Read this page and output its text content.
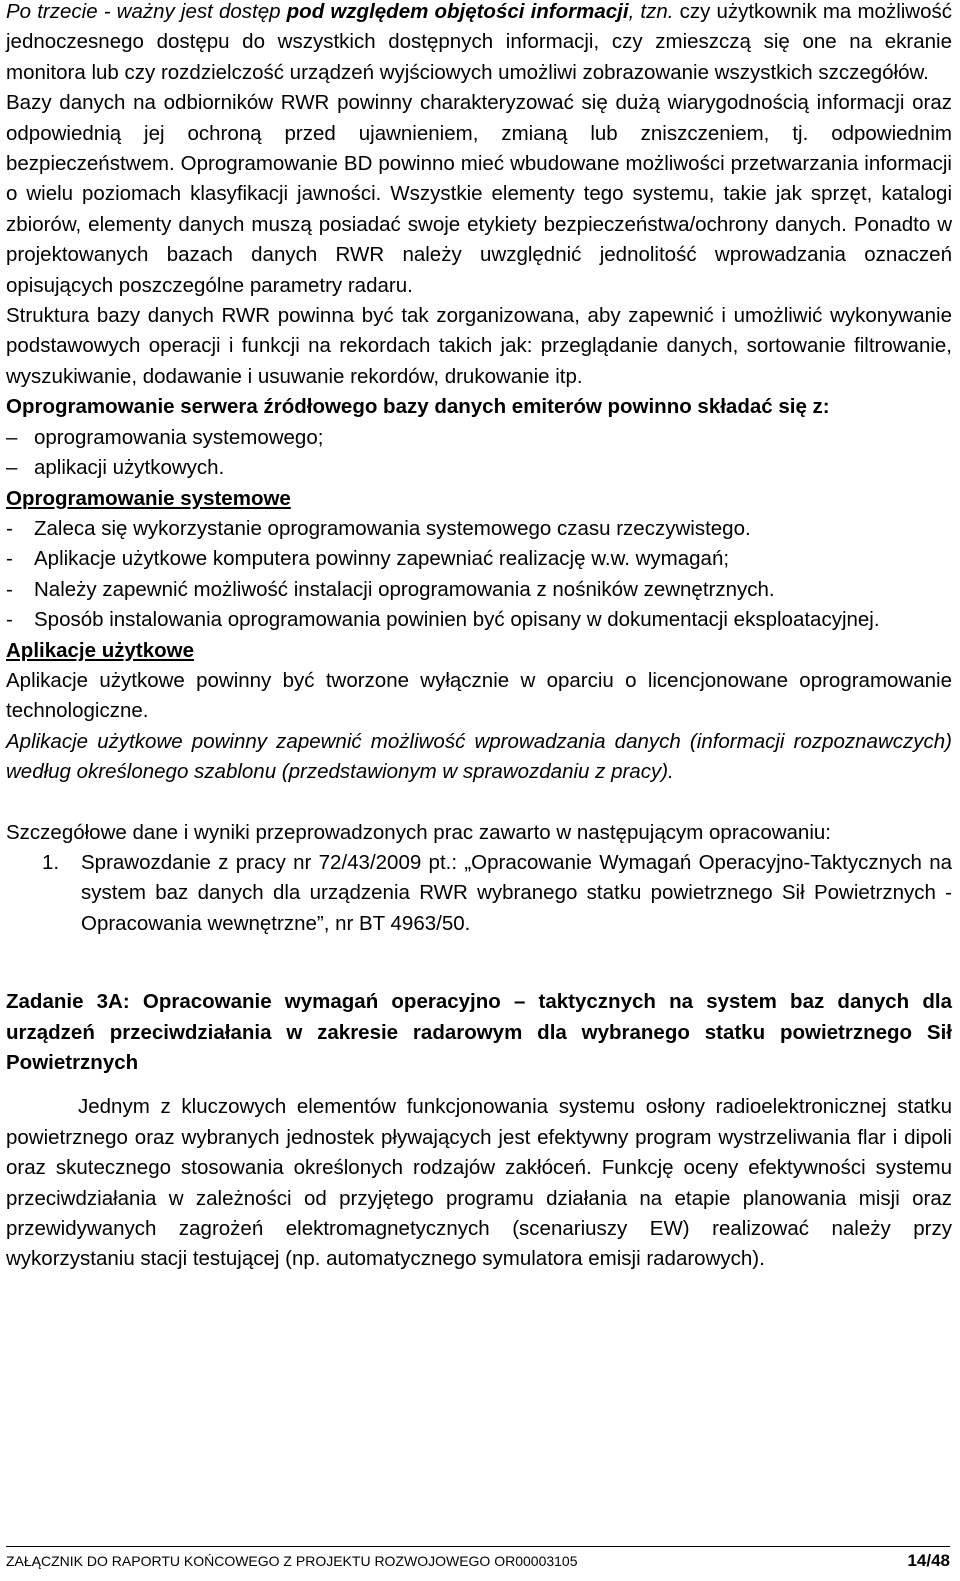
Po trzecie - ważny jest dostęp pod względem objętości informacji, tzn. czy użytkownik ma możliwość jednoczesnego dostępu do wszystkich dostępnych informacji, czy zmieszczą się one na ekranie monitora lub czy rozdzielczość urządzeń wyjściowych umożliwi zobrazowanie wszystkich szczegółów.

Bazy danych na odbiorników RWR powinny charakteryzować się dużą wiarygodnością informacji oraz odpowiednią jej ochroną przed ujawnieniem, zmianą lub zniszczeniem, tj. odpowiednim bezpieczeństwem. Oprogramowanie BD powinno mieć wbudowane możliwości przetwarzania informacji o wielu poziomach klasyfikacji jawności. Wszystkie elementy tego systemu, takie jak sprzęt, katalogi zbiorów, elementy danych muszą posiadać swoje etykiety bezpieczeństwa/ochrony danych. Ponadto w projektowanych bazach danych RWR należy uwzględnić jednolitość wprowadzania oznaczeń opisujących poszczególne parametry radaru.

Struktura bazy danych RWR powinna być tak zorganizowana, aby zapewnić i umożliwić wykonywanie podstawowych operacji i funkcji na rekordach takich jak: przeglądanie danych, sortowanie filtrowanie, wyszukiwanie, dodawanie i usuwanie rekordów, drukowanie itp.

Oprogramowanie serwera źródłowego bazy danych emiterów powinno składać się z:

– oprogramowania systemowego;
– aplikacji użytkowych.

Oprogramowanie systemowe

- Zaleca się wykorzystanie oprogramowania systemowego czasu rzeczywistego.
- Aplikacje użytkowe komputera powinny zapewniać realizację w.w. wymagań;
- Należy zapewnić możliwość instalacji oprogramowania z nośników zewnętrznych.
- Sposób instalowania oprogramowania powinien być opisany w dokumentacji eksploatacyjnej.

Aplikacje użytkowe

Aplikacje użytkowe powinny być tworzone wyłącznie w oparciu o licencjonowane oprogramowanie technologiczne.

Aplikacje użytkowe powinny zapewnić możliwość wprowadzania danych (informacji rozpoznawczych) według określonego szablonu (przedstawionym w sprawozdaniu z pracy).

Szczegółowe dane i wyniki przeprowadzonych prac zawarto w następującym opracowaniu:

1. Sprawozdanie z pracy nr 72/43/2009 pt.: „Opracowanie Wymagań Operacyjno-Taktycznych na system baz danych dla urządzenia RWR wybranego statku powietrznego Sił Powietrznych - Opracowania wewnętrzne”, nr BT 4963/50.

Zadanie 3A: Opracowanie wymagań operacyjno – taktycznych na system baz danych dla urządzeń przeciwdziałania w zakresie radarowym dla wybranego statku powietrznego Sił Powietrznych

Jednym z kluczowych elementów funkcjonowania systemu osłony radioelektronicznej statku powietrznego oraz wybranych jednostek pływających jest efektywny program wystrzeliwania flar i dipoli oraz skutecznego stosowania określonych rodzajów zakłóceń. Funkcję oceny efektywności systemu przeciwdziałania w zależności od przyjętego programu działania na etapie planowania misji oraz przewidywanych zagrożeń elektromagnetycznych (scenariuszy EW) realizować należy przy wykorzystaniu stacji testującej (np. automatycznego symulatora emisji radarowych).

ZAŁĄCZNIK DO RAPORTU KOŃCOWEGO Z PROJEKTU ROZWOJOWEGO OR00003105	14/48
